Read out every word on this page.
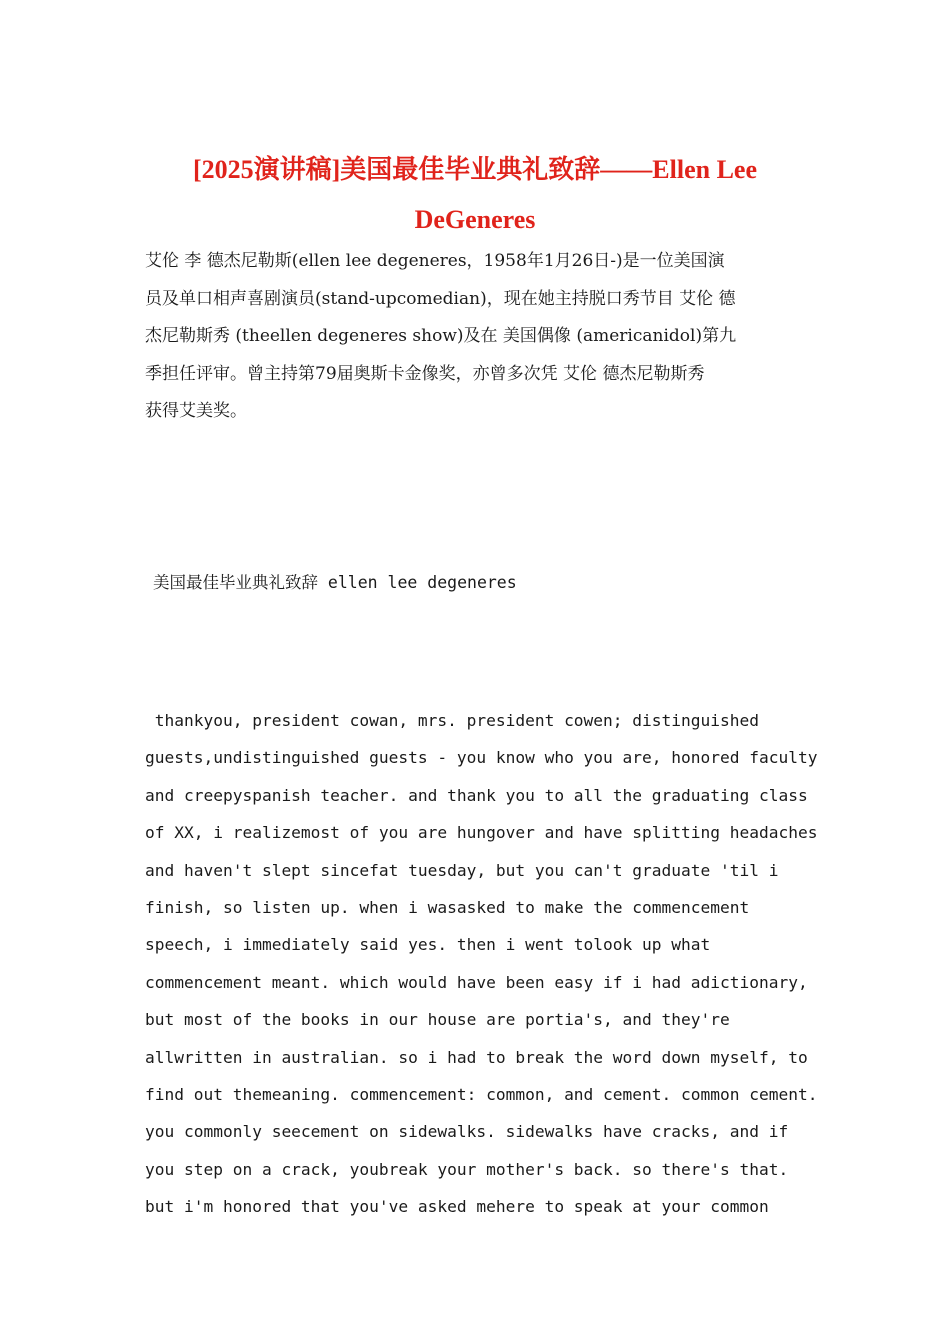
[2025演讲稿]美国最佳毕业典礼致辞——Ellen Lee
DeGeneres

艾伦 李 德杰尼勒斯(ellen lee degeneres，1958年1月26日-)是一位美国演
员及单口相声喜剧演员(stand-upcomedian)，现在她主持脱口秀节目 艾伦 德
杰尼勒斯秀 (theellen degeneres show)及在 美国偶像 (americanidol)第九
季担任评审。曾主持第79届奥斯卡金像奖，亦曾多次凭 艾伦 德杰尼勒斯秀
获得艾美奖。

美国最佳毕业典礼致辞 ellen lee degeneres

thankyou, president cowan, mrs. president cowen; distinguished
guests,undistinguished guests - you know who you are, honored faculty
and creepyspanish teacher. and thank you to all the graduating class
of XX, i realizemost of you are hungover and have splitting headaches
and haven't slept sincefat tuesday, but you can't graduate 'til i
finish, so listen up. when i wasasked to make the commencement
speech, i immediately said yes. then i went tolook up what
commencement meant. which would have been easy if i had adictionary,
but most of the books in our house are portia's, and they're
allwritten in australian. so i had to break the word down myself, to
find out themeaning. commencement: common, and cement. common cement.
you commonly seecement on sidewalks. sidewalks have cracks, and if
you step on a crack, youbreak your mother's back. so there's that.
but i'm honored that you've asked mehere to speak at your common
